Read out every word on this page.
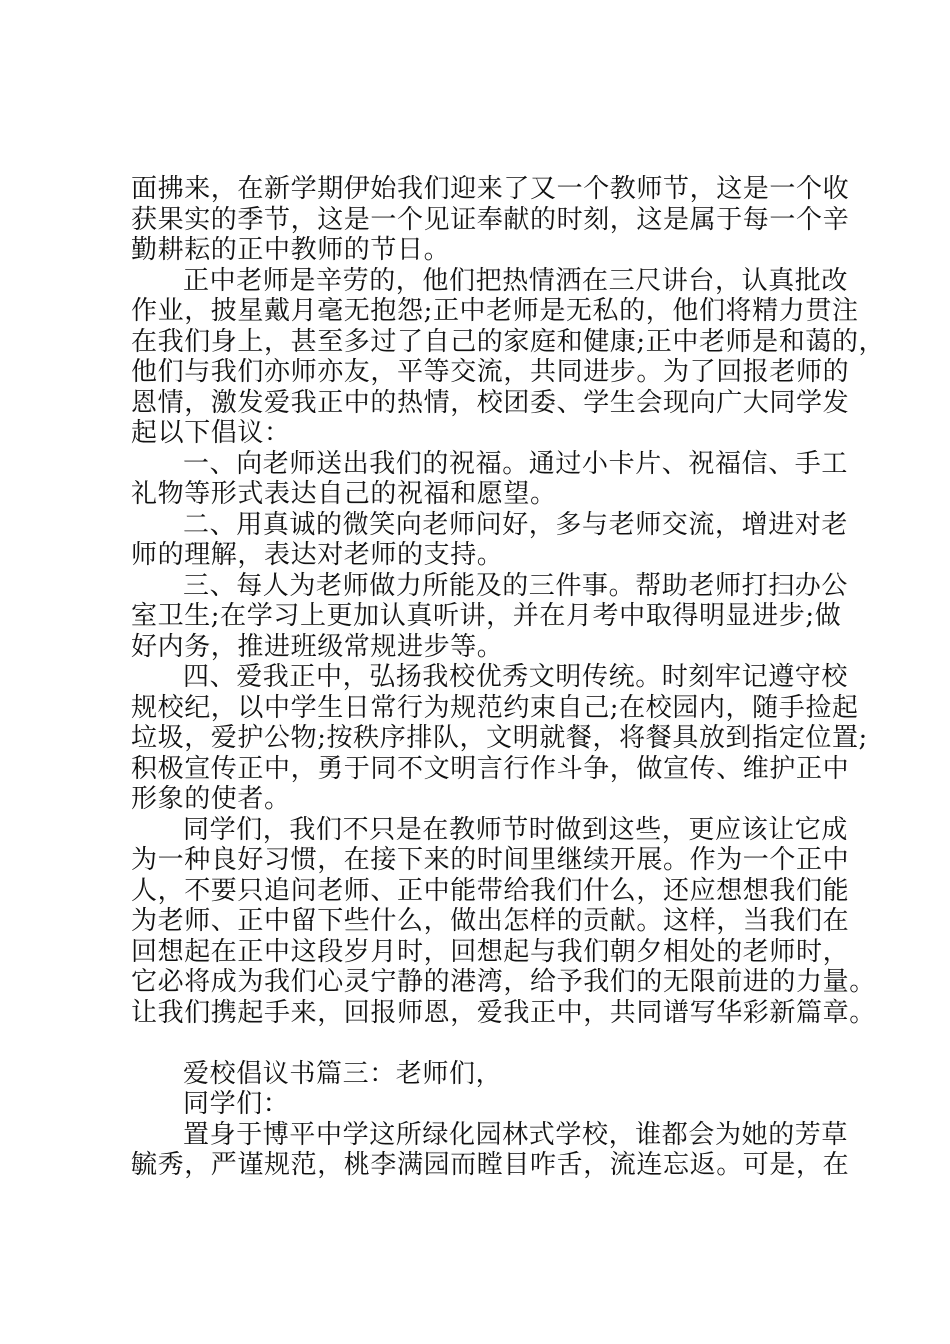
面拂来，在新学期伊始我们迎来了又一个教师节，这是一个收
获果实的季节，这是一个见证奉献的时刻，这是属于每一个辛
勤耕耘的正中教师的节日。
正中老师是辛劳的，他们把热情洒在三尺讲台，认真批改
作业，披星戴月毫无抱怨;正中老师是无私的，他们将精力贯注
在我们身上，甚至多过了自己的家庭和健康;正中老师是和蔼的，
他们与我们亦师亦友，平等交流，共同进步。为了回报老师的
恩情，激发爱我正中的热情，校团委、学生会现向广大同学发
起以下倡议：
一、向老师送出我们的祝福。通过小卡片、祝福信、手工
礼物等形式表达自己的祝福和愿望。
二、用真诚的微笑向老师问好，多与老师交流，增进对老
师的理解，表达对老师的支持。
三、每人为老师做力所能及的三件事。帮助老师打扫办公
室卫生;在学习上更加认真听讲，并在月考中取得明显进步;做
好内务，推进班级常规进步等。
四、爱我正中，弘扬我校优秀文明传统。时刻牢记遵守校
规校纪，以中学生日常行为规范约束自己;在校园内，随手捡起
垃圾，爱护公物;按秩序排队，文明就餐，将餐具放到指定位置;
积极宣传正中，勇于同不文明言行作斗争，做宣传、维护正中
形象的使者。
同学们，我们不只是在教师节时做到这些，更应该让它成
为一种良好习惯，在接下来的时间里继续开展。作为一个正中
人，不要只追问老师、正中能带给我们什么，还应想想我们能
为老师、正中留下些什么，做出怎样的贡献。这样，当我们在
回想起在正中这段岁月时，回想起与我们朝夕相处的老师时，
它必将成为我们心灵宁静的港湾，给予我们的无限前进的力量。
让我们携起手来，回报师恩，爱我正中，共同谱写华彩新篇章。
爱校倡议书篇三：老师们，
同学们：
置身于博平中学这所绿化园林式学校，谁都会为她的芳草
毓秀，严谨规范，桃李满园而瞠目咋舌，流连忘返。可是，在
